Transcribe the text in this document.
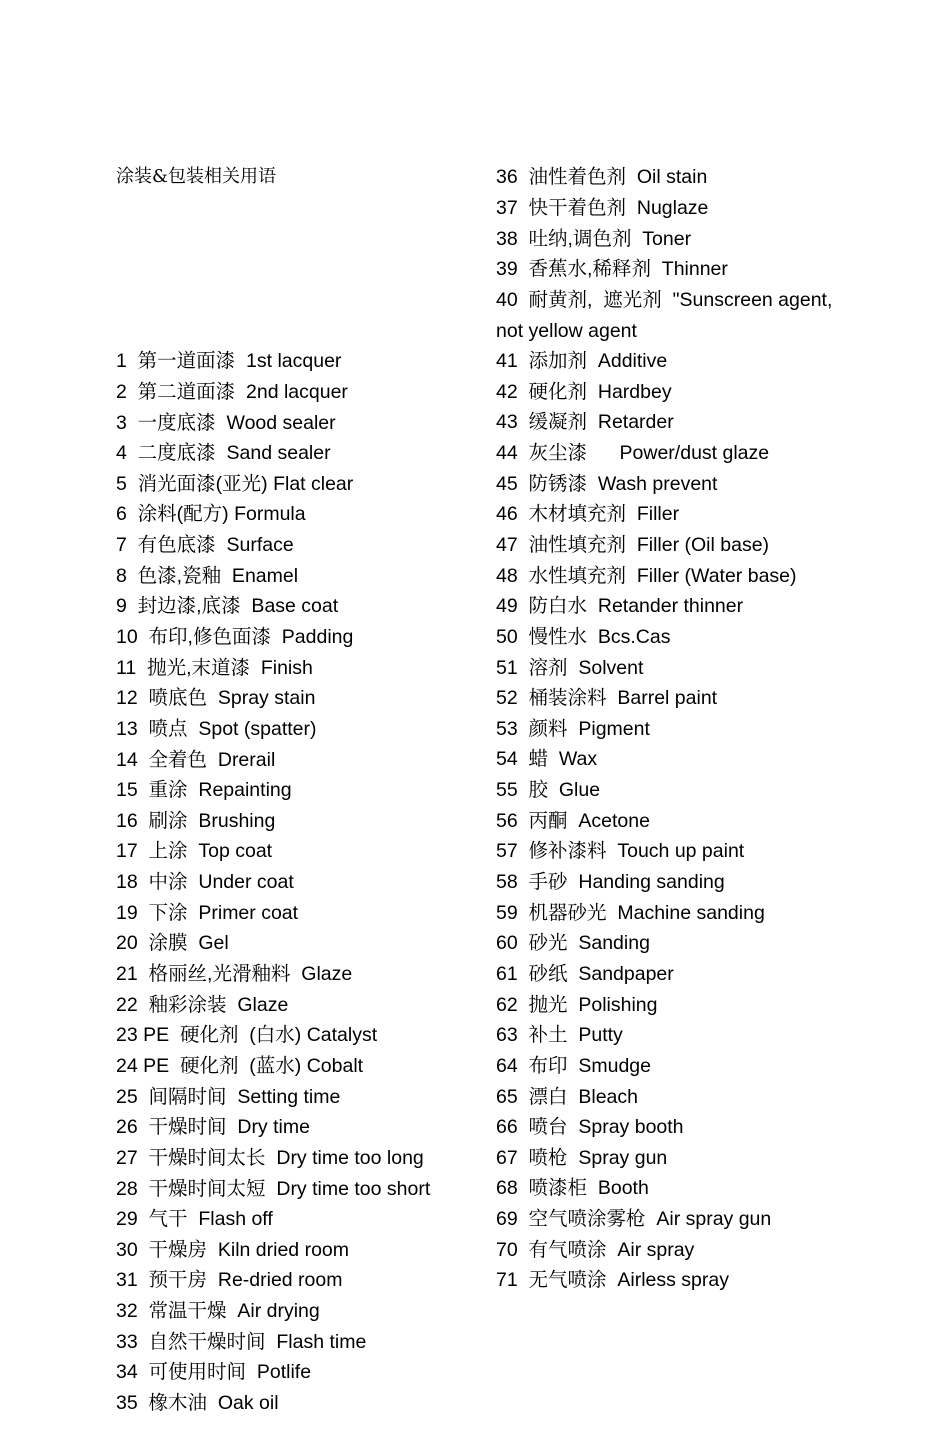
涂装&包装相关用语

1  第一道面漆  1st lacquer
2  第二道面漆  2nd lacquer
3  一度底漆  Wood sealer
4  二度底漆  Sand sealer
5  消光面漆(亚光) Flat clear
6  涂料(配方) Formula
7  有色底漆  Surface
8  色漆,瓷釉  Enamel
9  封边漆,底漆  Base coat
10  布印,修色面漆  Padding
11  抛光,末道漆  Finish
12  喷底色  Spray stain
13  喷点  Spot (spatter)
14  全着色  Drerail
15  重涂  Repainting
16  刷涂  Brushing
17  上涂  Top coat
18  中涂  Under coat
19  下涂  Primer coat
20  涂膜  Gel
21  格丽丝,光滑釉料  Glaze
22  釉彩涂装  Glaze
23 PE  硬化剂  (白水) Catalyst
24 PE  硬化剂  (蓝水) Cobalt
25  间隔时间  Setting time
26  干燥时间  Dry time
27  干燥时间太长  Dry time too long
28  干燥时间太短  Dry time too short
29  气干  Flash off
30  干燥房  Kiln dried room
31  预干房  Re-dried room
32  常温干燥  Air drying
33  自然干燥时间  Flash time
34  可使用时间  Potlife
35  橡木油  Oak oil

36  油性着色剂  Oil stain
37  快干着色剂  Nuglaze
38  吐纳,调色剂  Toner
39  香蕉水,稀释剂  Thinner
40  耐黄剂,  遮光剂  "Sunscreen agent,
not yellow agent
41  添加剂  Additive
42  硬化剂  Hardbey
43  缓凝剂  Retarder
44  灰尘漆      Power/dust glaze
45  防锈漆  Wash prevent
46  木材填充剂  Filler
47  油性填充剂  Filler (Oil base)
48  水性填充剂  Filler (Water base)
49  防白水  Retander thinner
50  慢性水  Bcs.Cas
51  溶剂  Solvent
52  桶装涂料  Barrel paint
53  颜料  Pigment
54  蜡  Wax
55  胶  Glue
56  丙酮  Acetone
57  修补漆料  Touch up paint
58  手砂  Handing sanding
59  机器砂光  Machine sanding
60  砂光  Sanding
61  砂纸  Sandpaper
62  抛光  Polishing
63  补土  Putty
64  布印  Smudge
65  漂白  Bleach
66  喷台  Spray booth
67  喷枪  Spray gun
68  喷漆柜  Booth
69  空气喷涂雾枪  Air spray gun
70  有气喷涂  Air spray
71  无气喷涂  Airless spray
